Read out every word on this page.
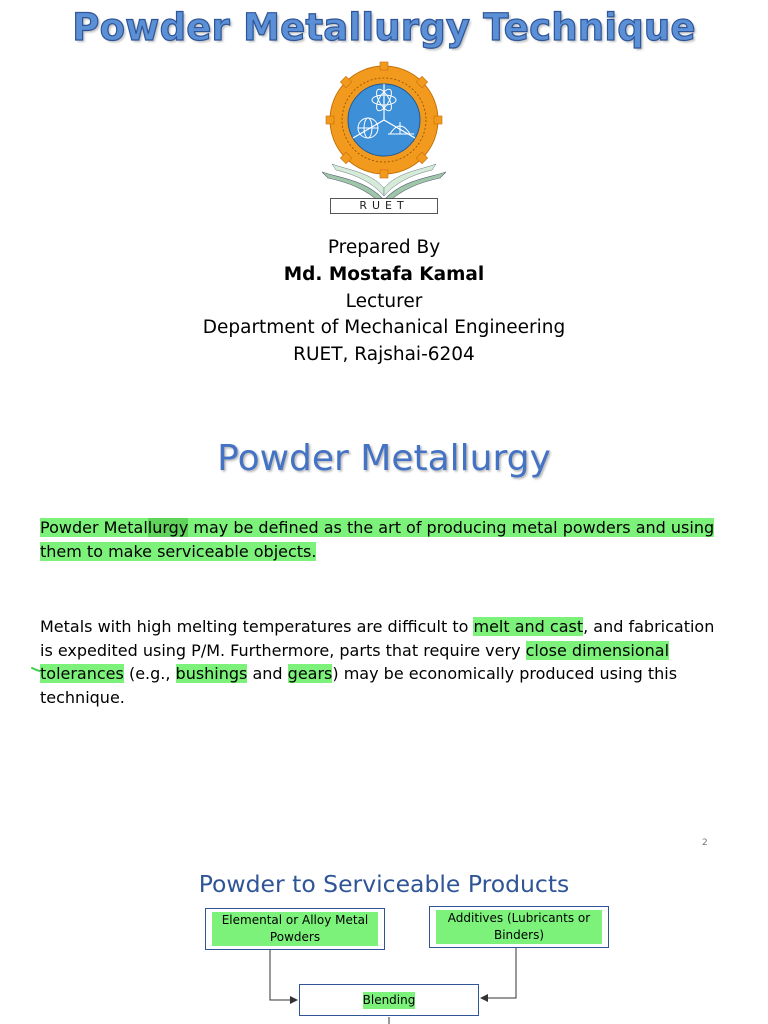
Powder Metallurgy Technique
RUET
Prepared By
Md. Mostafa Kamal
Lecturer
Department of Mechanical Engineering
RUET, Rajshai-6204
Powder Metallurgy
Powder Metallurgy may be defined as the art of producing metal powders and using them to make serviceable objects.
Metals with high melting temperatures are difficult to melt and cast, and fabrication is expedited using P/M. Furthermore, parts that require very close dimensional tolerances (e.g., bushings and gears) may be economically produced using this technique.
2
Powder to Serviceable Products
Elemental or Alloy Metal Powders
Additives (Lubricants or Binders)
Blending
